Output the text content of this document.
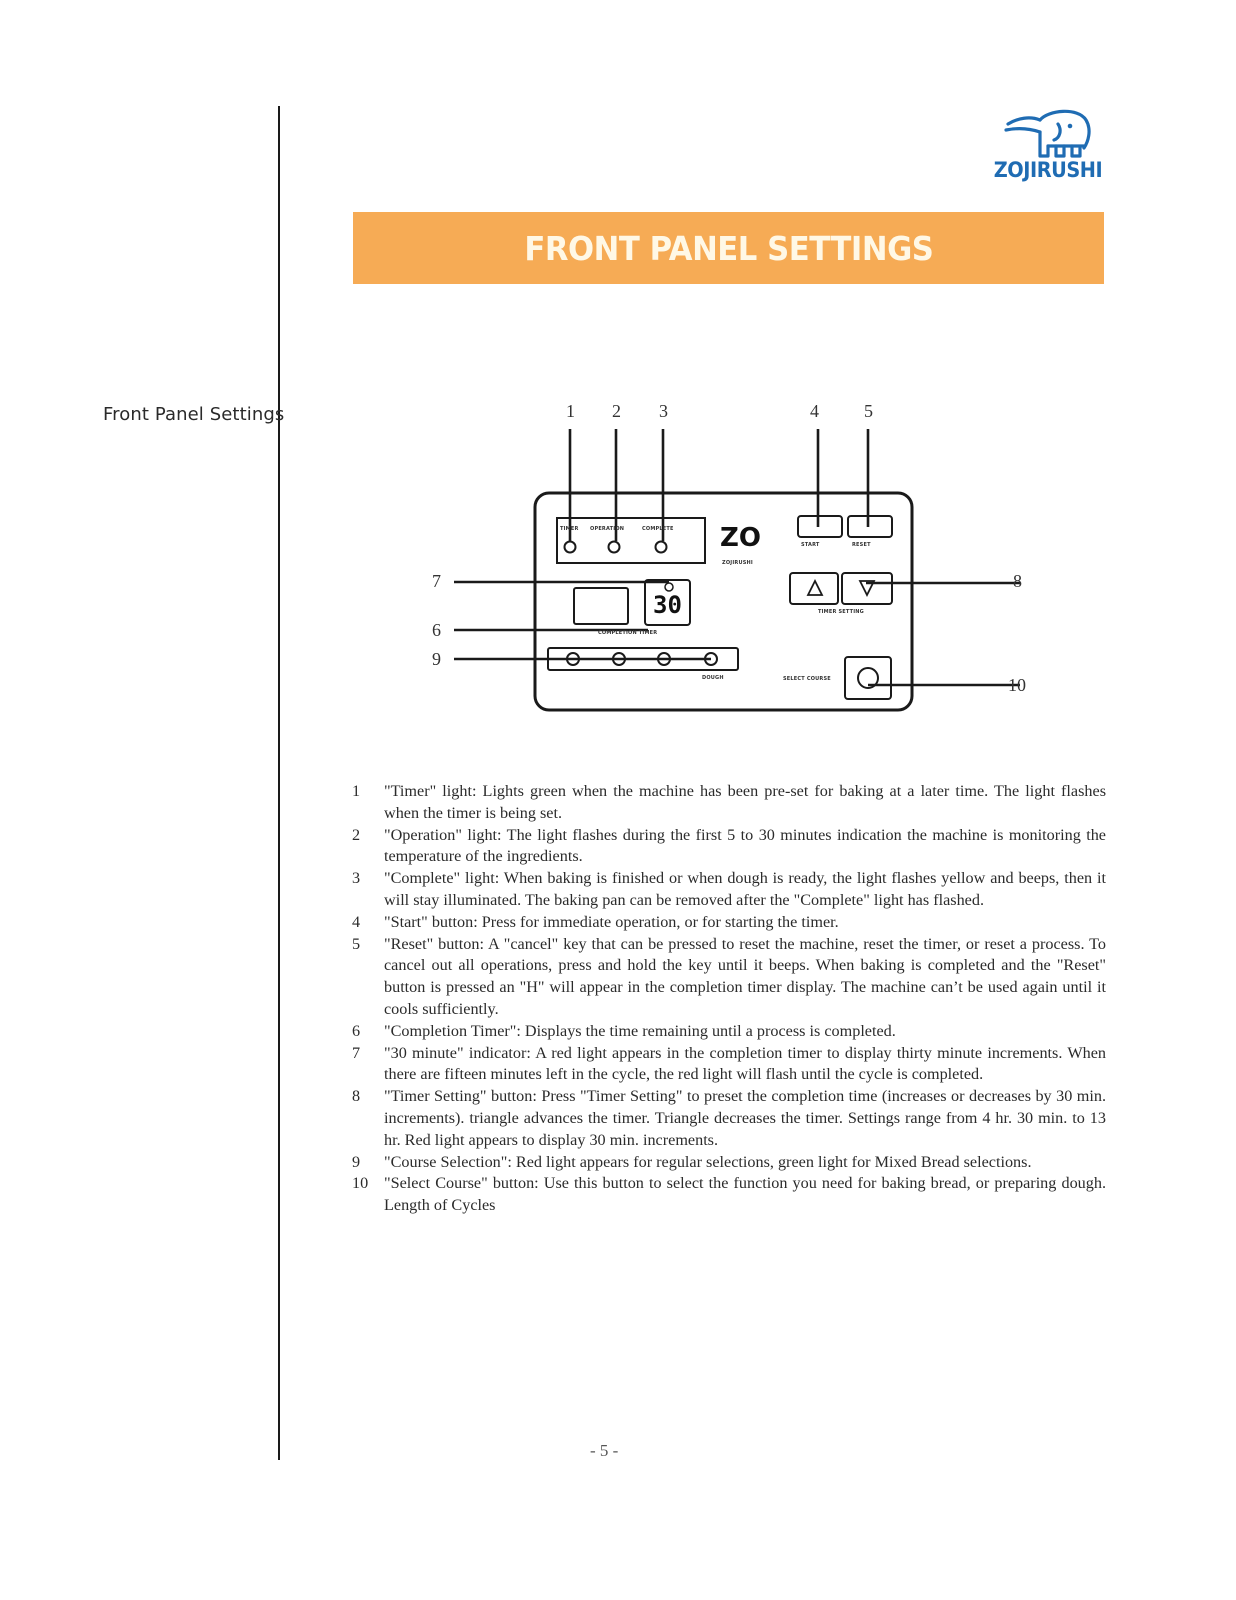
Front Panel Settings
ZOJIRUSHI
FRONT PANEL SETTINGS
1 2 3	4	5
6
7	8
9
10
TIMER OPERATION	COMPLETE
START	RESET
TIMER SETTING
COMPLETION TIMER
DOUGH	SELECT COURSE
ZO
ZOJIRUSHI
30
1	"Timer" light: Lights green when the machine has been pre-set for baking at a later time. The light flashes when the timer is being set.
2	"Operation" light: The light flashes during the first 5 to 30 minutes indication the machine is monitoring the temperature of the ingredients.
3	"Complete" light: When baking is finished or when dough is ready, the light flashes yellow and beeps, then it will stay illuminated. The baking pan can be removed after the "Complete" light has flashed.
4	"Start" button: Press for immediate operation, or for starting the timer.
5	"Reset" button: A "cancel" key that can be pressed to reset the machine, reset the timer, or reset a process. To cancel out all operations, press and hold the key until it beeps. When baking is completed and the "Reset" button is pressed an "H" will appear in the completion timer display. The machine can’t be used again until it cools sufficiently.
6	"Completion Timer": Displays the time remaining until a process is completed.
7	"30 minute" indicator: A red light appears in the completion timer to display thirty minute increments. When there are fifteen minutes left in the cycle, the red light will flash until the cycle is completed.
8	"Timer Setting" button: Press "Timer Setting" to preset the completion time (increases or decreases by 30 min. increments). triangle advances the timer. Triangle decreases the timer. Settings range from 4 hr. 30 min. to 13 hr. Red light appears to display 30 min. increments.
9	"Course Selection": Red light appears for regular selections, green light for Mixed Bread selections.
10 "Select Course" button: Use this button to select the function you need for baking bread, or preparing dough. Length of Cycles
- 5 -
